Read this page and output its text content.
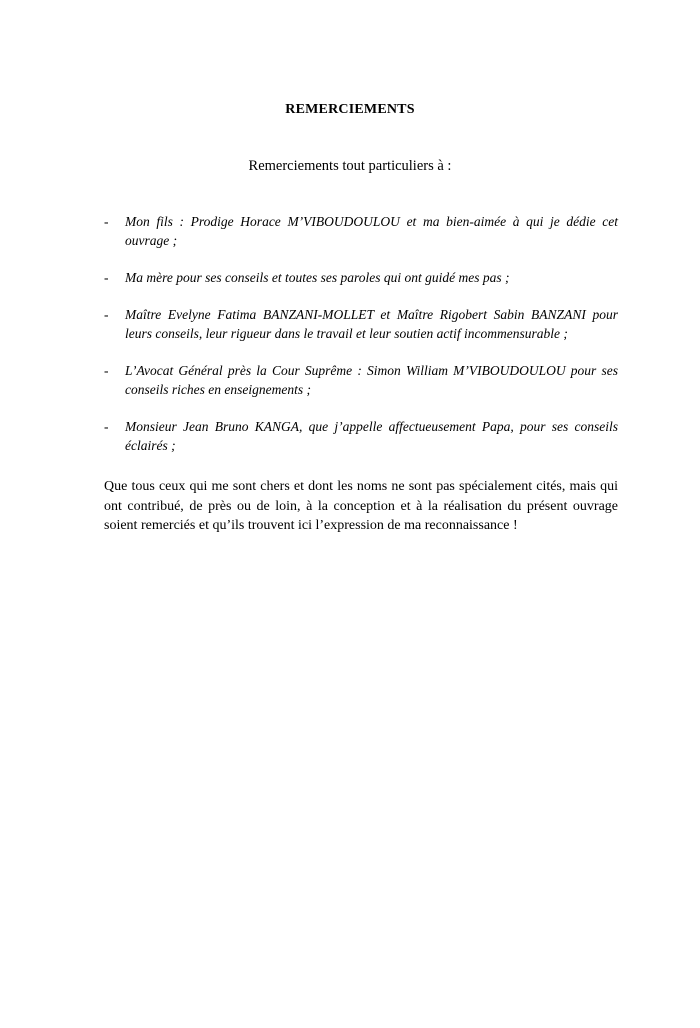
REMERCIEMENTS
Remerciements tout particuliers à :
- Mon fils : Prodige Horace M’VIBOUDOULOU et ma bien-aimée à qui je dédie cet ouvrage ;
- Ma mère pour ses conseils et toutes ses paroles qui ont guidé mes pas ;
- Maître Evelyne Fatima BANZANI-MOLLET et Maître Rigobert Sabin BANZANI pour leurs conseils, leur rigueur dans le travail et leur soutien actif incommensurable ;
- L’Avocat Général près la Cour Suprême : Simon William M’VIBOUDOULOU pour ses conseils riches en enseignements ;
- Monsieur Jean Bruno KANGA, que j’appelle affectueusement Papa, pour ses conseils éclairés ;

Que tous ceux qui me sont chers et dont les noms ne sont pas spécialement cités, mais qui ont contribué, de près ou de loin, à la conception et à la réalisation du présent ouvrage soient remerciés et qu’ils trouvent ici l’expression de ma reconnaissance !
